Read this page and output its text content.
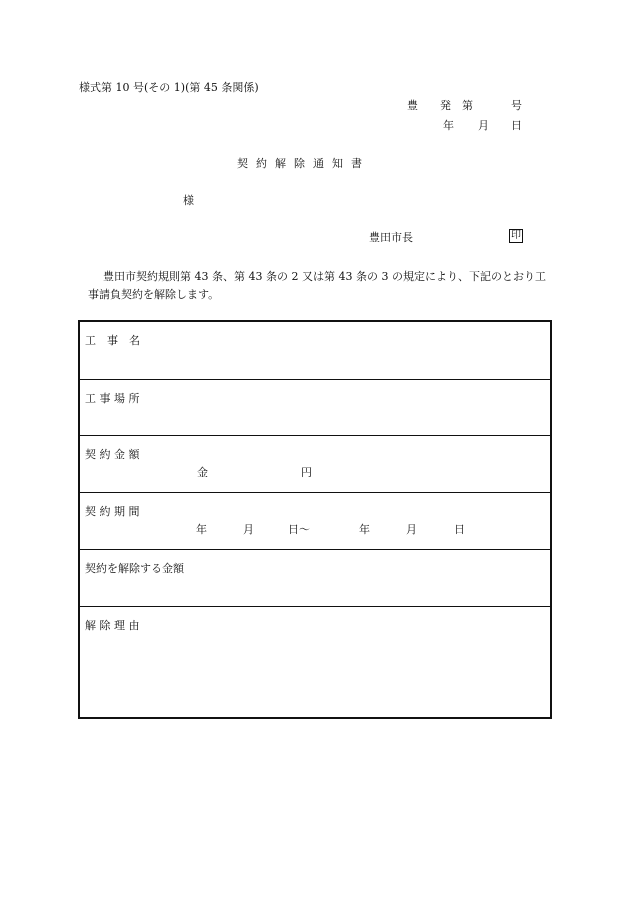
様式第 10 号(その 1)(第 45 条関係)
豊 発 第	号
年 月 日
契約解除通知書
様
豊田市長	印
豊田市契約規則第 43 条、第 43 条の 2 又は第 43 条の 3 の規定により、下記のとおり工事請負契約を解除します。
工　事　名
工 事 場 所
契 約 金 額
金	円
契 約 期 間
年	月	日～	年	月	日
契約を解除する金額
解 除 理 由
